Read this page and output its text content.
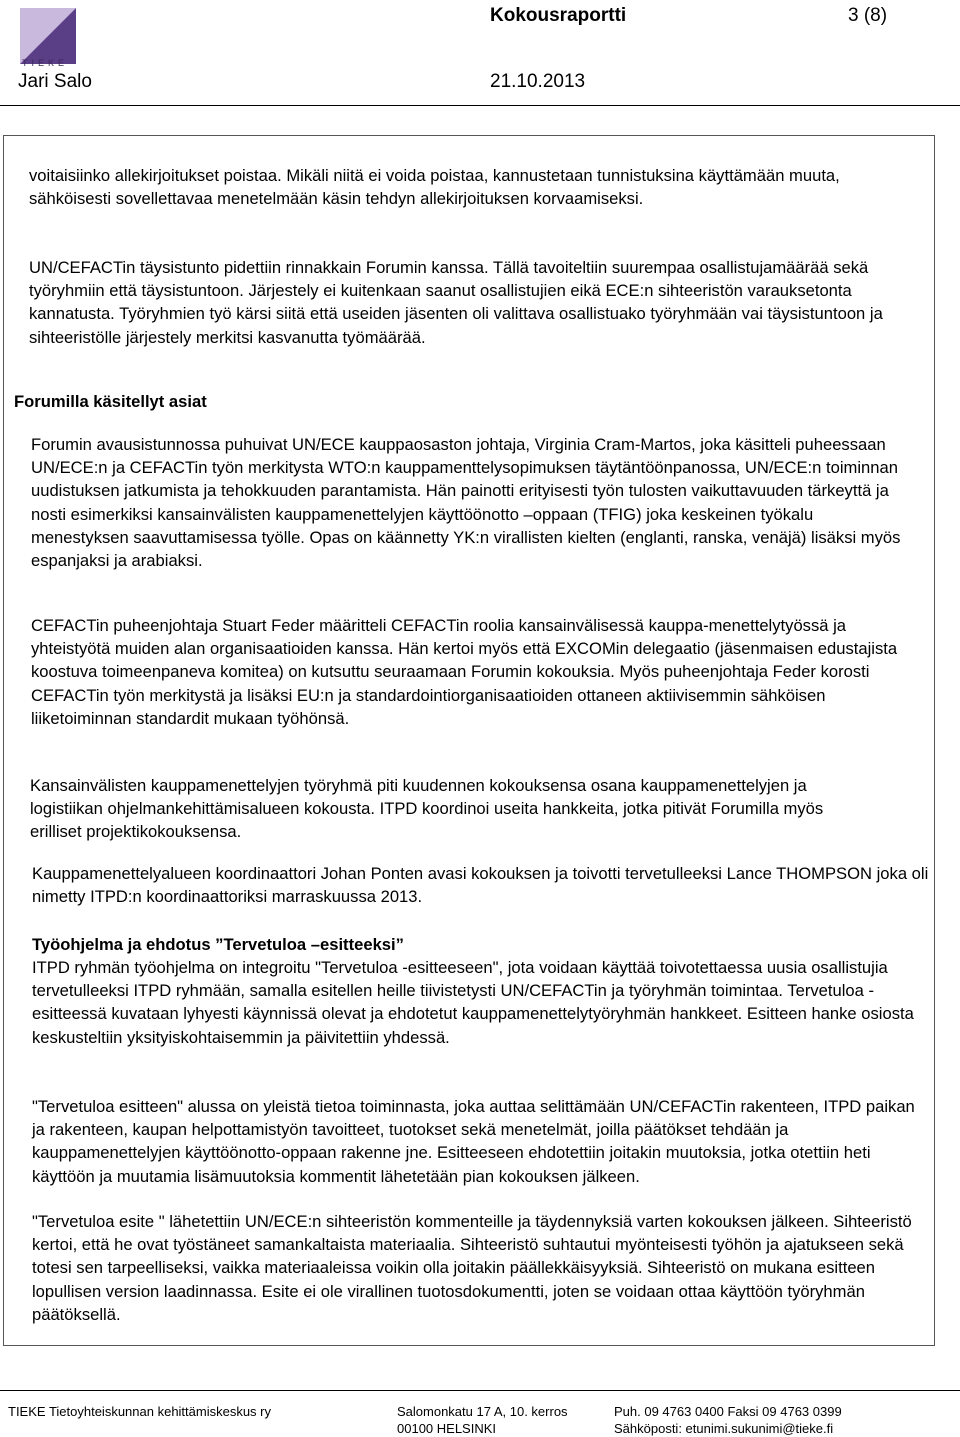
TIEKE
Kokousraportti	3 (8)
Jari Salo	21.10.2013

voitaisiinko allekirjoitukset poistaa. Mikäli niitä ei voida poistaa, kannustetaan tunnistuksina käyttämään muuta, sähköisesti sovellettavaa menetelmään käsin tehdyn allekirjoituksen korvaamiseksi.

UN/CEFACTin täysistunto pidettiin rinnakkain Forumin kanssa. Tällä tavoiteltiin suurempaa osallistujamäärää sekä työryhmiin että täysistuntoon. Järjestely ei kuitenkaan saanut osallistujien eikä ECE:n sihteeristön varauksetonta kannatusta. Työryhmien työ kärsi siitä että useiden jäsenten oli valittava osallistuako työryhmään vai täysistuntoon ja sihteeristölle järjestely merkitsi kasvanutta työmäärää.

Forumilla käsitellyt asiat

Forumin avausistunnossa puhuivat UN/ECE kauppaosaston johtaja, Virginia Cram-Martos, joka käsitteli puheessaan UN/ECE:n ja CEFACTin työn merkitysta WTO:n kauppamenttelysopimuksen täytäntöönpanossa, UN/ECE:n toiminnan uudistuksen jatkumista ja tehokkuuden parantamista. Hän painotti erityisesti työn tulosten vaikuttavuuden tärkeyttä ja nosti esimerkiksi kansainvälisten kauppamenettelyjen käyttöönotto –oppaan (TFIG) joka keskeinen työkalu menestyksen saavuttamisessa työlle. Opas on käännetty YK:n virallisten kielten (englanti, ranska, venäjä) lisäksi myös espanjaksi ja arabiaksi.

CEFACTin puheenjohtaja Stuart Feder määritteli CEFACTin roolia kansainvälisessä kauppa-menettelytyössä ja yhteistyötä muiden alan organisaatioiden kanssa. Hän kertoi myös että EXCOMin delegaatio (jäsenmaisen edustajista koostuva toimeenpaneva komitea) on kutsuttu seuraamaan Forumin kokouksia. Myös puheenjohtaja Feder korosti CEFACTin työn merkitystä ja lisäksi EU:n ja standardointiorganisaatioiden ottaneen aktiivisemmin sähköisen liiketoiminnan standardit mukaan työhönsä.

Kansainvälisten kauppamenettelyjen työryhmä piti kuudennen kokouksensa osana kauppamenettelyjen ja logistiikan ohjelmankehittämisalueen kokousta. ITPD koordinoi useita hankkeita, jotka pitivät Forumilla myös erilliset projektikokouksensa.

Kauppamenettelyalueen koordinaattori Johan Ponten avasi kokouksen ja toivotti tervetulleeksi Lance THOMPSON joka oli nimetty ITPD:n koordinaattoriksi marraskuussa 2013.

Työohjelma ja ehdotus ”Tervetuloa –esitteeksi”

ITPD ryhmän työohjelma on integroitu "Tervetuloa -esitteeseen", jota voidaan käyttää toivotettaessa uusia osallistujia tervetulleeksi ITPD ryhmään, samalla esitellen heille tiivistetysti UN/CEFACTin ja työryhmän toimintaa. Tervetuloa -esitteessä kuvataan lyhyesti käynnissä olevat ja ehdotetut kauppamenettelytyöryhmän hankkeet. Esitteen hanke osiosta keskusteltiin yksityiskohtaisemmin ja päivitettiin yhdessä.

"Tervetuloa esitteen" alussa on yleistä tietoa toiminnasta, joka auttaa selittämään UN/CEFACTin rakenteen, ITPD paikan ja rakenteen, kaupan helpottamistyön tavoitteet, tuotokset sekä menetelmät, joilla päätökset tehdään ja kauppamenettelyjen käyttöönotto-oppaan rakenne jne. Esitteeseen ehdotettiin joitakin muutoksia, jotka otettiin heti käyttöön ja muutamia lisämuutoksia kommentit lähetetään pian kokouksen jälkeen.

"Tervetuloa esite " lähetettiin UN/ECE:n sihteeristön kommenteille ja täydennyksiä varten kokouksen jälkeen. Sihteeristö kertoi, että he ovat työstäneet samankaltaista materiaalia. Sihteeristö suhtautui myönteisesti työhön ja ajatukseen sekä totesi sen tarpeelliseksi, vaikka materiaaleissa voikin olla joitakin päällekkäisyyksiä. Sihteeristö on mukana esitteen lopullisen version laadinnassa. Esite ei ole virallinen tuotosdokumentti, joten se voidaan ottaa käyttöön työryhmän päätöksellä.

TIEKE Tietoyhteiskunnan kehittämiskeskus ry	Salomonkatu 17 A, 10. kerros
00100 HELSINKI
Puh. 09 4763 0400 Faksi 09 4763 0399
Sähköposti: etunimi.sukunimi@tieke.fi
